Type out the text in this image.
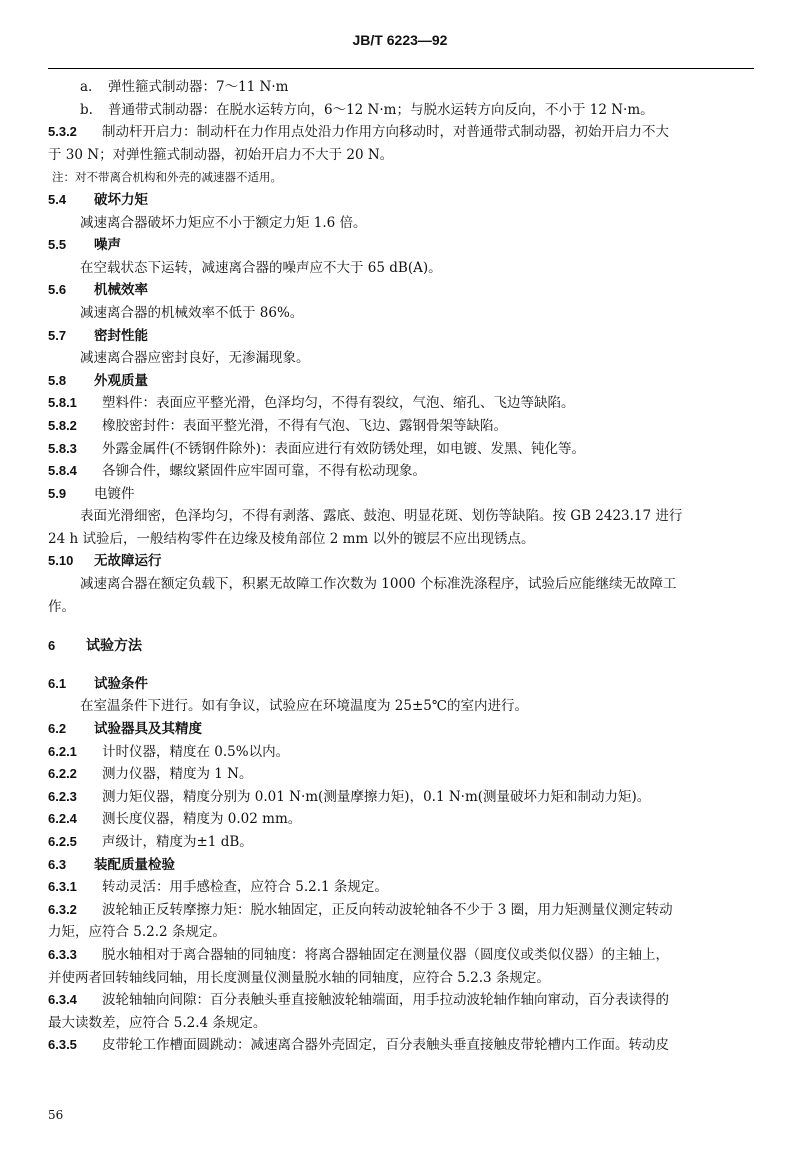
JB/T 6223—92
a. 弹性箍式制动器：7～11 N·m
b. 普通带式制动器：在脱水运转方向，6～12 N·m；与脱水运转方向反向，不小于 12 N·m。
5.3.2 制动杆开启力：制动杆在力作用点处沿力作用方向移动时，对普通带式制动器，初始开启力不大
于 30 N；对弹性箍式制动器，初始开启力不大于 20 N。
注：对不带离合机构和外壳的减速器不适用。
5.4 破坏力矩
减速离合器破坏力矩应不小于额定力矩 1.6 倍。
5.5 噪声
在空载状态下运转，减速离合器的噪声应不大于 65 dB(A)。
5.6 机械效率
减速离合器的机械效率不低于 86%。
5.7 密封性能
减速离合器应密封良好，无渗漏现象。
5.8 外观质量
5.8.1 塑料件：表面应平整光滑，色泽均匀，不得有裂纹，气泡、缩孔、飞边等缺陷。
5.8.2 橡胶密封件：表面平整光滑，不得有气泡、飞边、露钢骨架等缺陷。
5.8.3 外露金属件(不锈钢件除外)：表面应进行有效防锈处理，如电镀、发黑、钝化等。
5.8.4 各铆合件，螺纹紧固件应牢固可靠，不得有松动现象。
5.9 电镀件
表面光滑细密，色泽均匀，不得有剥落、露底、鼓泡、明显花斑、划伤等缺陷。按 GB 2423.17 进行
24 h 试验后，一般结构零件在边缘及棱角部位 2 mm 以外的镀层不应出现锈点。
5.10 无故障运行
减速离合器在额定负载下，积累无故障工作次数为 1000 个标准洗涤程序，试验后应能继续无故障工
作。
6 试验方法
6.1 试验条件
在室温条件下进行。如有争议，试验应在环境温度为 25±5℃的室内进行。
6.2 试验器具及其精度
6.2.1 计时仪器，精度在 0.5%以内。
6.2.2 测力仪器，精度为 1 N。
6.2.3 测力矩仪器，精度分别为 0.01 N·m(测量摩擦力矩)，0.1 N·m(测量破坏力矩和制动力矩)。
6.2.4 测长度仪器，精度为 0.02 mm。
6.2.5 声级计，精度为±1 dB。
6.3 装配质量检验
6.3.1 转动灵活：用手感检查，应符合 5.2.1 条规定。
6.3.2 波轮轴正反转摩擦力矩：脱水轴固定，正反向转动波轮轴各不少于 3 圈，用力矩测量仪测定转动
力矩，应符合 5.2.2 条规定。
6.3.3 脱水轴相对于离合器轴的同轴度：将离合器轴固定在测量仪器（圆度仪或类似仪器）的主轴上，
并使两者回转轴线同轴，用长度测量仪测量脱水轴的同轴度，应符合 5.2.3 条规定。
6.3.4 波轮轴轴向间隙：百分表触头垂直接触波轮轴端面，用手拉动波轮轴作轴向窜动，百分表读得的
最大读数差，应符合 5.2.4 条规定。
6.3.5 皮带轮工作槽面圆跳动：减速离合器外壳固定，百分表触头垂直接触皮带轮槽内工作面。转动皮
56
